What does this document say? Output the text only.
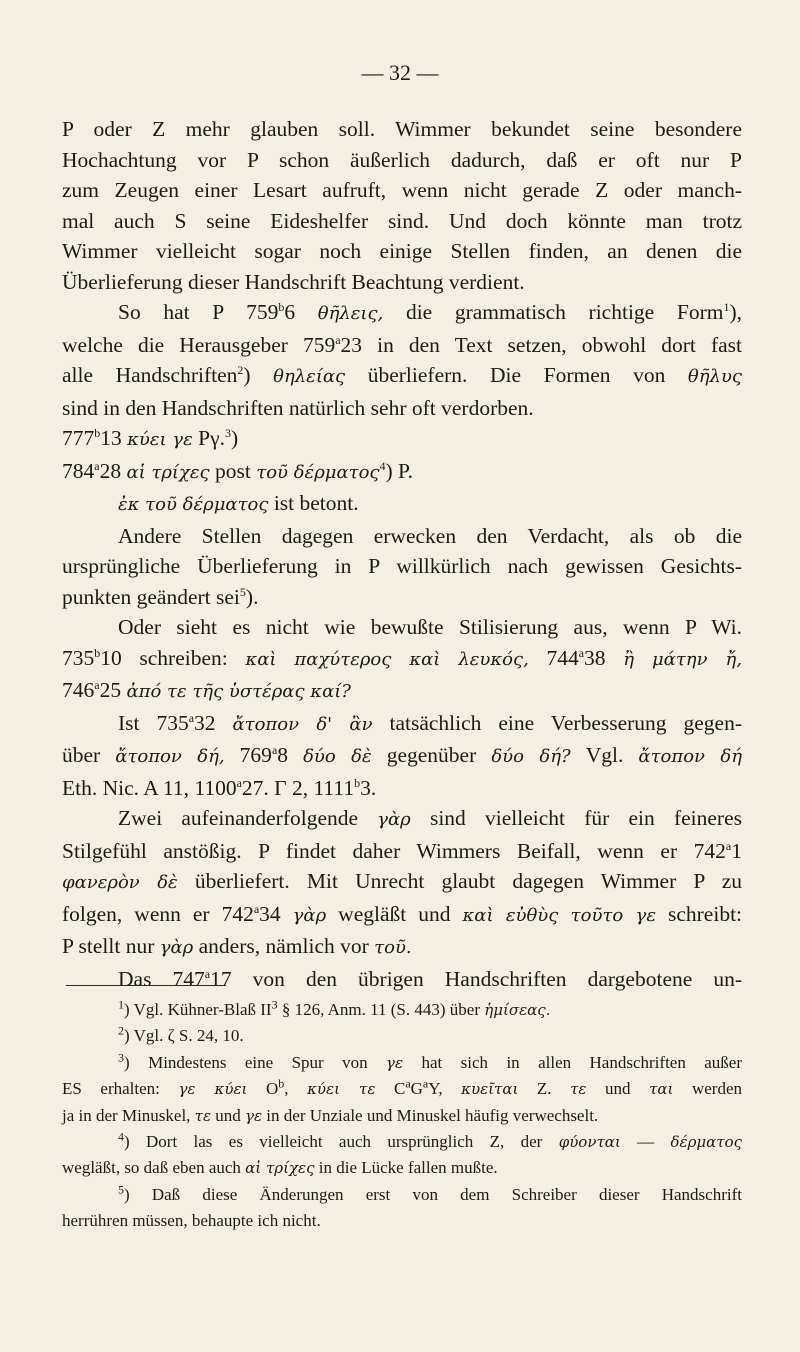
— 32 —

P oder Z mehr glauben soll. Wimmer bekundet seine besondere
Hochachtung vor P schon äußerlich dadurch, daß er oft nur P
zum Zeugen einer Lesart aufruft, wenn nicht gerade Z oder manch-
mal auch S seine Eideshelfer sind. Und doch könnte man trotz
Wimmer vielleicht sogar noch einige Stellen finden, an denen die
Überlieferung dieser Handschrift Beachtung verdient.

So hat P 759$^b$6 θῆλεις, die grammatisch richtige Form$^1$),
welche die Herausgeber 759$^a$23 in den Text setzen, obwohl dort fast
alle Handschriften$^2$) θηλείας überliefern. Die Formen von θῆλυς
sind in den Handschriften natürlich sehr oft verdorben.

777$^b$13 κύει γε Pγ.$^3$)

784$^a$28 αἱ τρίχες post τοῦ δέρματος$^4$) P.

ἐκ τοῦ δέρματος ist betont.

Andere Stellen dagegen erwecken den Verdacht, als ob die
ursprüngliche Überlieferung in P willkürlich nach gewissen Gesichts-
punkten geändert sei$^5$).

Oder sieht es nicht wie bewußte Stilisierung aus, wenn P Wi.
735$^b$10 schreiben: καὶ παχύτερος καὶ λευκός, 744$^a$38 ἢ μάτην ἤ,
746$^a$25 ἀπό τε τῆς ὑστέρας καί?

Ist 735$^a$32 ἄτοπον δ' ἂν tatsächlich eine Verbesserung gegen-
über ἄτοπον δή, 769$^a$8 δύο δὲ gegenüber δύο δή? Vgl. ἄτοπον δή
Eth. Nic. A 11, 1100$^a$27. Γ 2, 1111$^b$3.

Zwei aufeinanderfolgende γὰρ sind vielleicht für ein feineres
Stilgefühl anstößig. P findet daher Wimmers Beifall, wenn er 742$^a$1
φανερὸν δὲ überliefert. Mit Unrecht glaubt dagegen Wimmer P zu
folgen, wenn er 742$^a$34 γὰρ wegläßt und καὶ εὐθὺς τοῦτο γε schreibt:
P stellt nur γὰρ anders, nämlich vor τοῦ.

Das 747$^a$17 von den übrigen Handschriften dargebotene un-

$^1$) Vgl. Kühner-Blaß $II^3$ § 126, Anm. 11 (S. 443) über ἡμίσεας.

$^2$) Vgl. ζ S. 24, 10.

$^3$) Mindestens eine Spur von γε hat sich in allen Handschriften außer
ES erhalten: γε κύει $O^b$, κύει τε $C^aG^aY$, κυεῖται Z. τε und ται werden
ja in der Minuskel, τε und γε in der Unziale und Minuskel häufig verwechselt.

$^4$) Dort las es vielleicht auch ursprünglich Z, der φύονται — δέρματος
wegläßt, so daß eben auch αἱ τρίχες in die Lücke fallen mußte.

$^5$) Daß diese Änderungen erst von dem Schreiber dieser Handschrift
herrühren müssen, behaupte ich nicht.
